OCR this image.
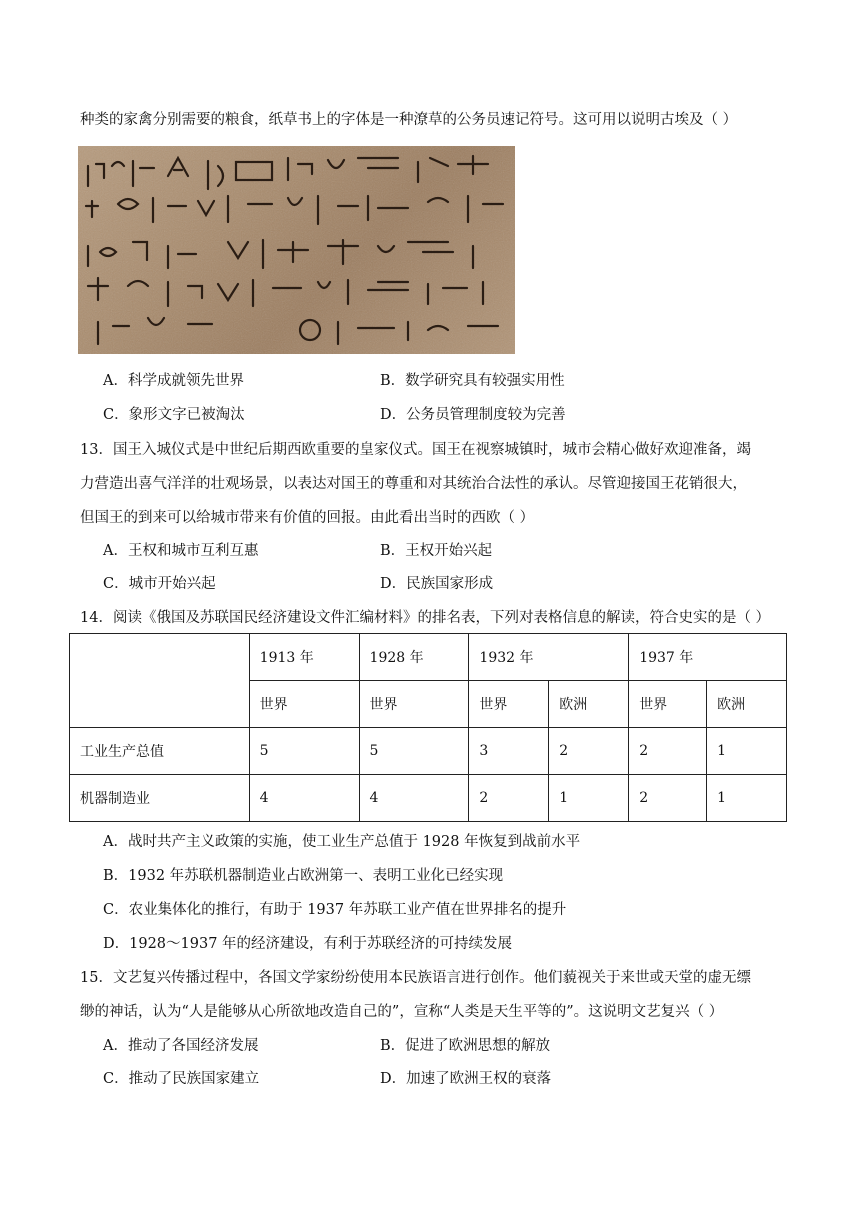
种类的家禽分别需要的粮食，纸草书上的字体是一种潦草的公务员速记符号。这可用以说明古埃及（ ）
A．科学成就领先世界	B．数学研究具有较强实用性
C．象形文字已被淘汰	D．公务员管理制度较为完善
13．国王入城仪式是中世纪后期西欧重要的皇家仪式。国王在视察城镇时，城市会精心做好欢迎准备，竭
力营造出喜气洋洋的壮观场景，以表达对国王的尊重和对其统治合法性的承认。尽管迎接国王花销很大，
但国王的到来可以给城市带来有价值的回报。由此看出当时的西欧（ ）
A．王权和城市互利互惠	B．王权开始兴起
C．城市开始兴起	D．民族国家形成
14．阅读《俄国及苏联国民经济建设文件汇编材料》的排名表，下列对表格信息的解读，符合史实的是（ ）
	1913 年	1928 年	1932 年		1937 年	
	世界	世界	世界	欧洲	世界	欧洲
工业生产总值	5	5	3	2	2	1
机器制造业	4	4	2	1	2	1
A．战时共产主义政策的实施，使工业生产总值于 1928 年恢复到战前水平
B．1932 年苏联机器制造业占欧洲第一、表明工业化已经实现
C．农业集体化的推行，有助于 1937 年苏联工业产值在世界排名的提升
D．1928～1937 年的经济建设，有利于苏联经济的可持续发展
15．文艺复兴传播过程中，各国文学家纷纷使用本民族语言进行创作。他们藐视关于来世或天堂的虚无缥
缈的神话，认为“人是能够从心所欲地改造自己的”，宣称“人类是天生平等的”。这说明文艺复兴（ ）
A．推动了各国经济发展	B．促进了欧洲思想的解放
C．推动了民族国家建立	D．加速了欧洲王权的衰落
